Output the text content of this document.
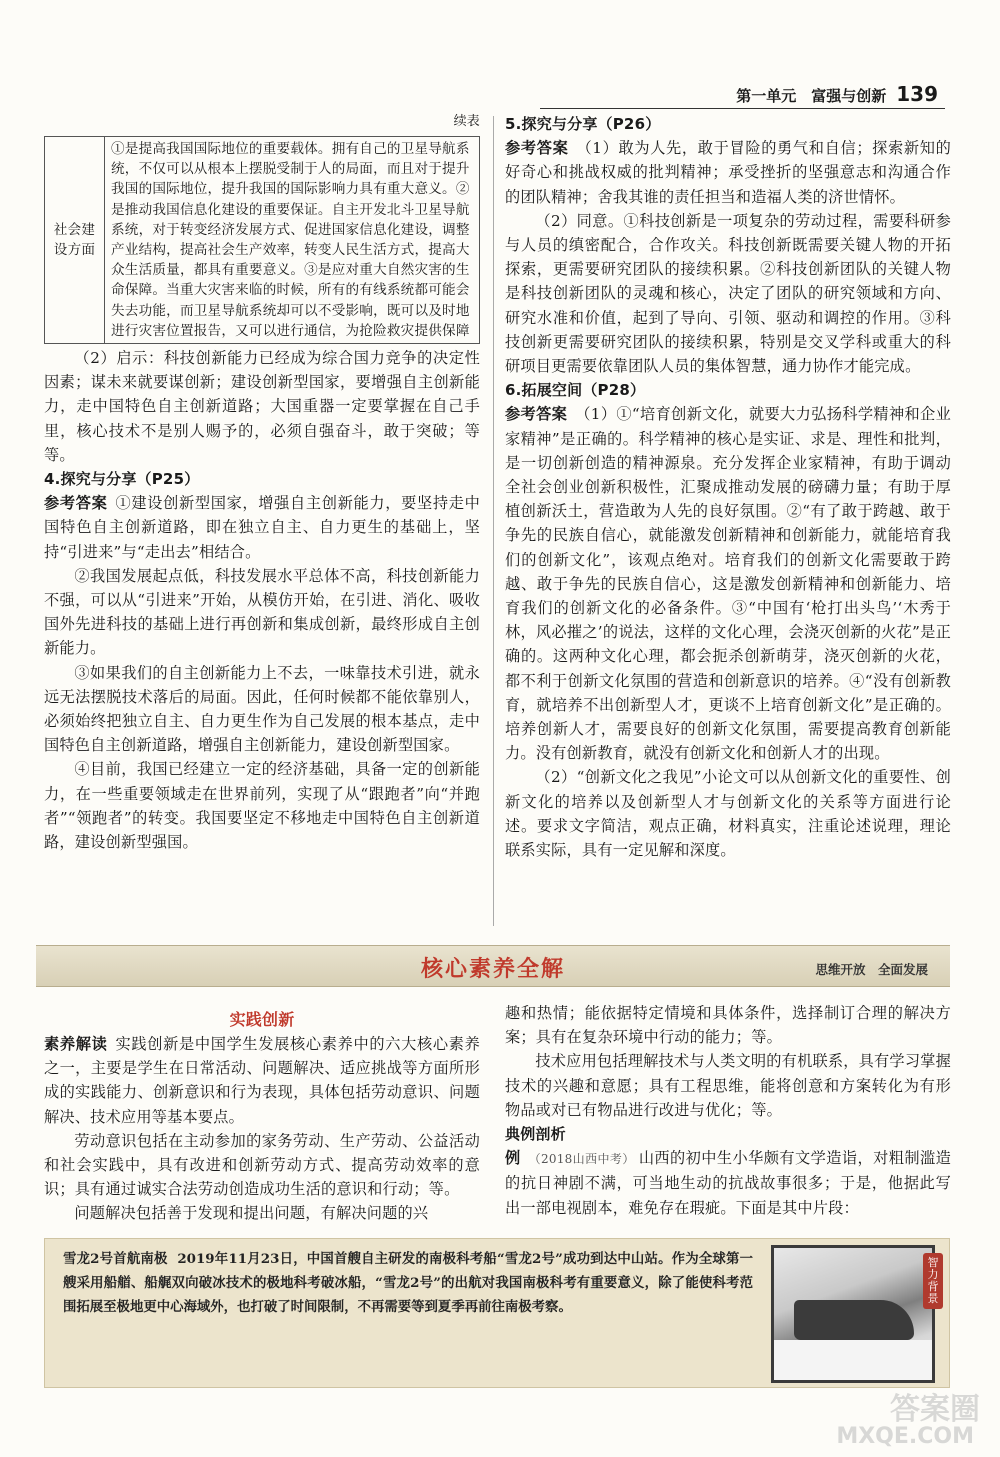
第一单元　富强与创新 139
续表
社会建设方面	①是提高我国国际地位的重要载体。拥有自己的卫星导航系统，不仅可以从根本上摆脱受制于人的局面，而且对于提升我国的国际地位，提升我国的国际影响力具有重大意义。②是推动我国信息化建设的重要保证。自主开发北斗卫星导航系统，对于转变经济发展方式、促进国家信息化建设，调整产业结构，提高社会生产效率，转变人民生活方式，提高大众生活质量，都具有重要意义。③是应对重大自然灾害的生命保障。当重大灾害来临的时候，所有的有线系统都可能会失去功能，而卫星导航系统却可以不受影响，既可以及时地进行灾害位置报告，又可以进行通信，为抢险救灾提供保障
（2）启示：科技创新能力已经成为综合国力竞争的决定性因素；谋未来就要谋创新；建设创新型国家，要增强自主创新能力，走中国特色自主创新道路；大国重器一定要掌握在自己手里，核心技术不是别人赐予的，必须自强奋斗，敢于突破；等等。
4.探究与分享（P25）
参考答案 ①建设创新型国家，增强自主创新能力，要坚持走中国特色自主创新道路，即在独立自主、自力更生的基础上，坚持“引进来”与“走出去”相结合。
②我国发展起点低，科技发展水平总体不高，科技创新能力不强，可以从“引进来”开始，从模仿开始，在引进、消化、吸收国外先进科技的基础上进行再创新和集成创新，最终形成自主创新能力。
③如果我们的自主创新能力上不去，一味靠技术引进，就永远无法摆脱技术落后的局面。因此，任何时候都不能依靠别人，必须始终把独立自主、自力更生作为自己发展的根本基点，走中国特色自主创新道路，增强自主创新能力，建设创新型国家。
④目前，我国已经建立一定的经济基础，具备一定的创新能力，在一些重要领域走在世界前列，实现了从“跟跑者”向“并跑者”“领跑者”的转变。我国要坚定不移地走中国特色自主创新道路，建设创新型强国。
5.探究与分享（P26）
参考答案 （1）敢为人先，敢于冒险的勇气和自信；探索新知的好奇心和挑战权威的批判精神；承受挫折的坚强意志和沟通合作的团队精神；舍我其谁的责任担当和造福人类的济世情怀。
（2）同意。①科技创新是一项复杂的劳动过程，需要科研参与人员的缜密配合，合作攻关。科技创新既需要关键人物的开拓探索，更需要研究团队的接续积累。②科技创新团队的关键人物是科技创新团队的灵魂和核心，决定了团队的研究领域和方向、研究水准和价值，起到了导向、引领、驱动和调控的作用。③科技创新更需要研究团队的接续积累，特别是交叉学科或重大的科研项目更需要依靠团队人员的集体智慧，通力协作才能完成。
6.拓展空间（P28）
参考答案 （1）①“培育创新文化，就要大力弘扬科学精神和企业家精神”是正确的。科学精神的核心是实证、求是、理性和批判，是一切创新创造的精神源泉。充分发挥企业家精神，有助于调动全社会创业创新积极性，汇聚成推动发展的磅礴力量；有助于厚植创新沃土，营造敢为人先的良好氛围。②“有了敢于跨越、敢于争先的民族自信心，就能激发创新精神和创新能力，就能培育我们的创新文化”，该观点绝对。培育我们的创新文化需要敢于跨越、敢于争先的民族自信心，这是激发创新精神和创新能力、培育我们的创新文化的必备条件。③“中国有‘枪打出头鸟’‘木秀于林，风必摧之’的说法，这样的文化心理，会浇灭创新的火花”是正确的。这两种文化心理，都会扼杀创新萌芽，浇灭创新的火花，都不利于创新文化氛围的营造和创新意识的培养。④“没有创新教育，就培养不出创新型人才，更谈不上培育创新文化”是正确的。培养创新人才，需要良好的创新文化氛围，需要提高教育创新能力。没有创新教育，就没有创新文化和创新人才的出现。
（2）“创新文化之我见”小论文可以从创新文化的重要性、创新文化的培养以及创新型人才与创新文化的关系等方面进行论述。要求文字简洁，观点正确，材料真实，注重论述说理，理论联系实际，具有一定见解和深度。
核心素养全解	思维开放　全面发展
实践创新
素养解读 实践创新是中国学生发展核心素养中的六大核心素养之一，主要是学生在日常活动、问题解决、适应挑战等方面所形成的实践能力、创新意识和行为表现，具体包括劳动意识、问题解决、技术应用等基本要点。
劳动意识包括在主动参加的家务劳动、生产劳动、公益活动和社会实践中，具有改进和创新劳动方式、提高劳动效率的意识；具有通过诚实合法劳动创造成功生活的意识和行动；等。
问题解决包括善于发现和提出问题，有解决问题的兴
趣和热情；能依据特定情境和具体条件，选择制订合理的解决方案；具有在复杂环境中行动的能力；等。
技术应用包括理解技术与人类文明的有机联系，具有学习掌握技术的兴趣和意愿；具有工程思维，能将创意和方案转化为有形物品或对已有物品进行改进与优化；等。
典例剖析
例 （2018山西中考） 山西的初中生小华颇有文学造诣，对粗制滥造的抗日神剧不满，可当地生动的抗战故事很多；于是，他据此写出一部电视剧本，难免存在瑕疵。下面是其中片段：
雪龙2号首航南极 2019年11月23日，中国首艘自主研发的南极科考船“雪龙2号”成功到达中山站。作为全球第一艘采用船艏、船艉双向破冰技术的极地科考破冰船，“雪龙2号”的出航对我国南极科考有重要意义，除了能使科考范围拓展至极地更中心海域外，也打破了时间限制，不再需要等到夏季再前往南极考察。
智力背景
答案圈
MXQE.COM
